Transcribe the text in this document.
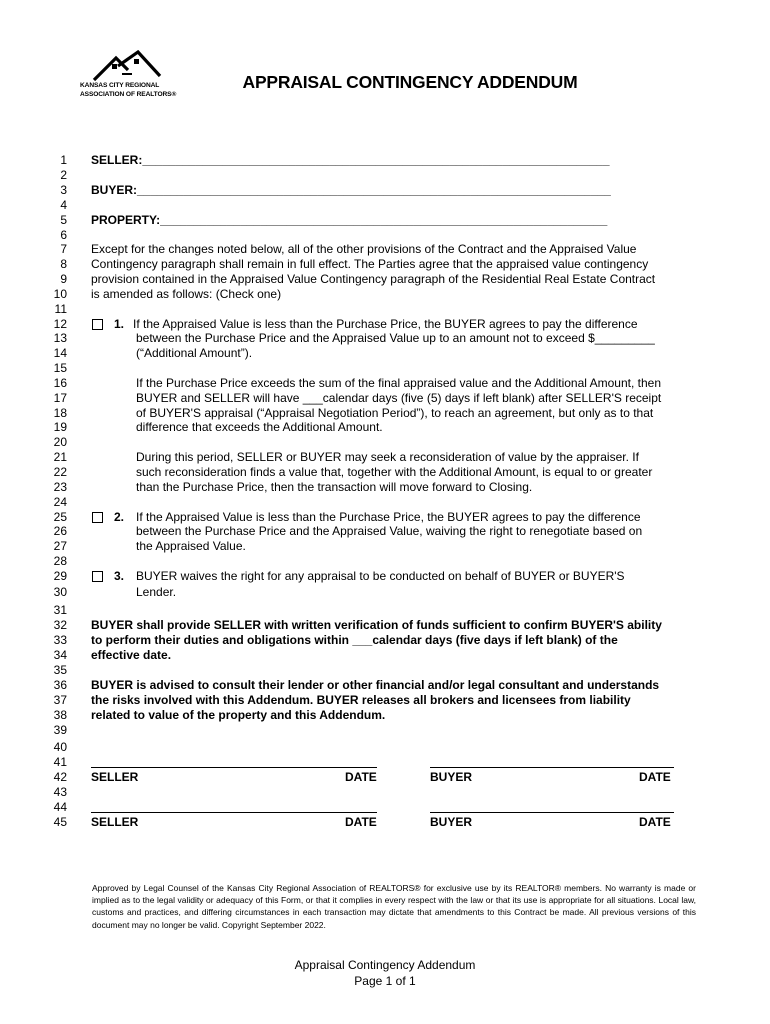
KANSAS CITY REGIONAL
ASSOCIATION OF REALTORS®
APPRAISAL CONTINGENCY ADDENDUM
1
2
3
4
5
6
7
8
9
10
11
12
13
14
15
16
17
18
19
20
21
22
23
24
25
26
27
28
29
30
31
32
33
34
35
36
37
38
39
40
41
42
43
44
45
SELLER:______________________________________________________________________
BUYER:_______________________________________________________________________
PROPERTY:___________________________________________________________________
Except for the changes noted below, all of the other provisions of the Contract and the Appraised Value
Contingency paragraph shall remain in full effect. The Parties agree that the appraised value contingency
provision contained in the Appraised Value Contingency paragraph of the Residential Real Estate Contract
is amended as follows: (Check one)
1. If the Appraised Value is less than the Purchase Price, the BUYER agrees to pay the difference
between the Purchase Price and the Appraised Value up to an amount not to exceed $_________
(“Additional Amount”).
If the Purchase Price exceeds the sum of the final appraised value and the Additional Amount, then
BUYER and SELLER will have ___calendar days (five (5) days if left blank) after SELLER'S receipt
of BUYER'S appraisal (“Appraisal Negotiation Period”), to reach an agreement, but only as to that
difference that exceeds the Additional Amount.
During this period, SELLER or BUYER may seek a reconsideration of value by the appraiser. If
such reconsideration finds a value that, together with the Additional Amount, is equal to or greater
than the Purchase Price, then the transaction will move forward to Closing.
2. If the Appraised Value is less than the Purchase Price, the BUYER agrees to pay the difference
between the Purchase Price and the Appraised Value, waiving the right to renegotiate based on
the Appraised Value.
3. BUYER waives the right for any appraisal to be conducted on behalf of BUYER or BUYER'S
Lender.
BUYER shall provide SELLER with written verification of funds sufficient to confirm BUYER'S ability
to perform their duties and obligations within ___calendar days (five days if left blank) of the
effective date.
BUYER is advised to consult their lender or other financial and/or legal consultant and understands
the risks involved with this Addendum. BUYER releases all brokers and licensees from liability
related to value of the property and this Addendum.
SELLER	DATE	BUYER	DATE
SELLER	DATE	BUYER	DATE

Approved by Legal Counsel of the Kansas City Regional Association of REALTORS® for exclusive use by its REALTOR® members. No warranty is made or implied as to the legal validity or adequacy of this Form, or that it complies in every respect with the law or that its use is appropriate for all situations. Local law, customs and practices, and differing circumstances in each transaction may dictate that amendments to this Contract be made. All previous versions of this document may no longer be valid. Copyright September 2022.

Appraisal Contingency Addendum
Page 1 of 1
